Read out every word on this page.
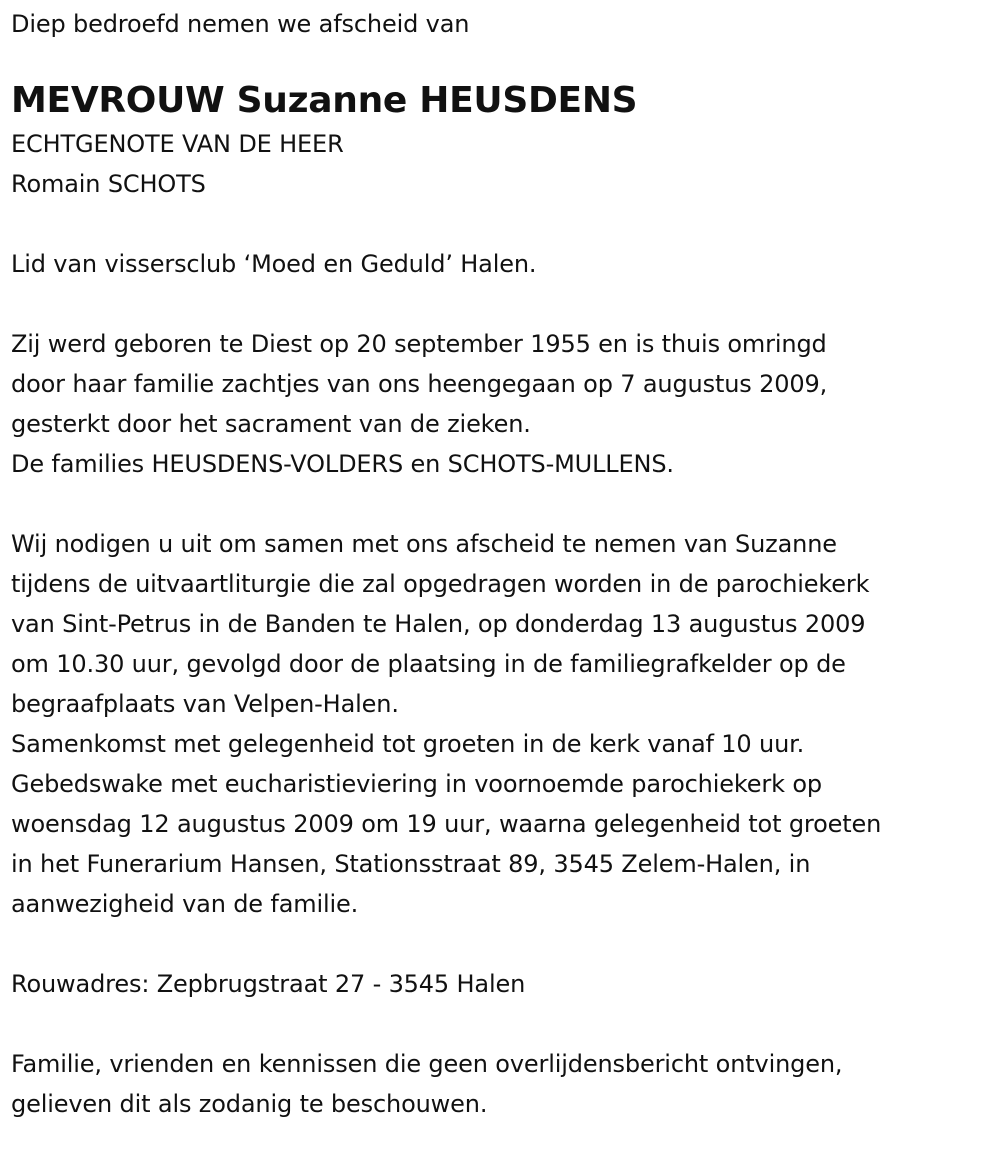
Diep bedroefd nemen we afscheid van
MEVROUW Suzanne HEUSDENS
ECHTGENOTE VAN DE HEER
Romain SCHOTS
Lid van vissersclub ‘Moed en Geduld’ Halen.
Zij werd geboren te Diest op 20 september 1955 en is thuis omringd
door haar familie zachtjes van ons heengegaan op 7 augustus 2009,
gesterkt door het sacrament van de zieken.
De families HEUSDENS-VOLDERS en SCHOTS-MULLENS.
Wij nodigen u uit om samen met ons afscheid te nemen van Suzanne
tijdens de uitvaartliturgie die zal opgedragen worden in de parochiekerk
van Sint-Petrus in de Banden te Halen, op donderdag 13 augustus 2009
om 10.30 uur, gevolgd door de plaatsing in de familiegrafkelder op de
begraafplaats van Velpen-Halen.
Samenkomst met gelegenheid tot groeten in de kerk vanaf 10 uur.
Gebedswake met eucharistieviering in voornoemde parochiekerk op
woensdag 12 augustus 2009 om 19 uur, waarna gelegenheid tot groeten
in het Funerarium Hansen, Stationsstraat 89, 3545 Zelem-Halen, in
aanwezigheid van de familie.
Rouwadres: Zepbrugstraat 27 - 3545 Halen
Familie, vrienden en kennissen die geen overlijdensbericht ontvingen,
gelieven dit als zodanig te beschouwen.
